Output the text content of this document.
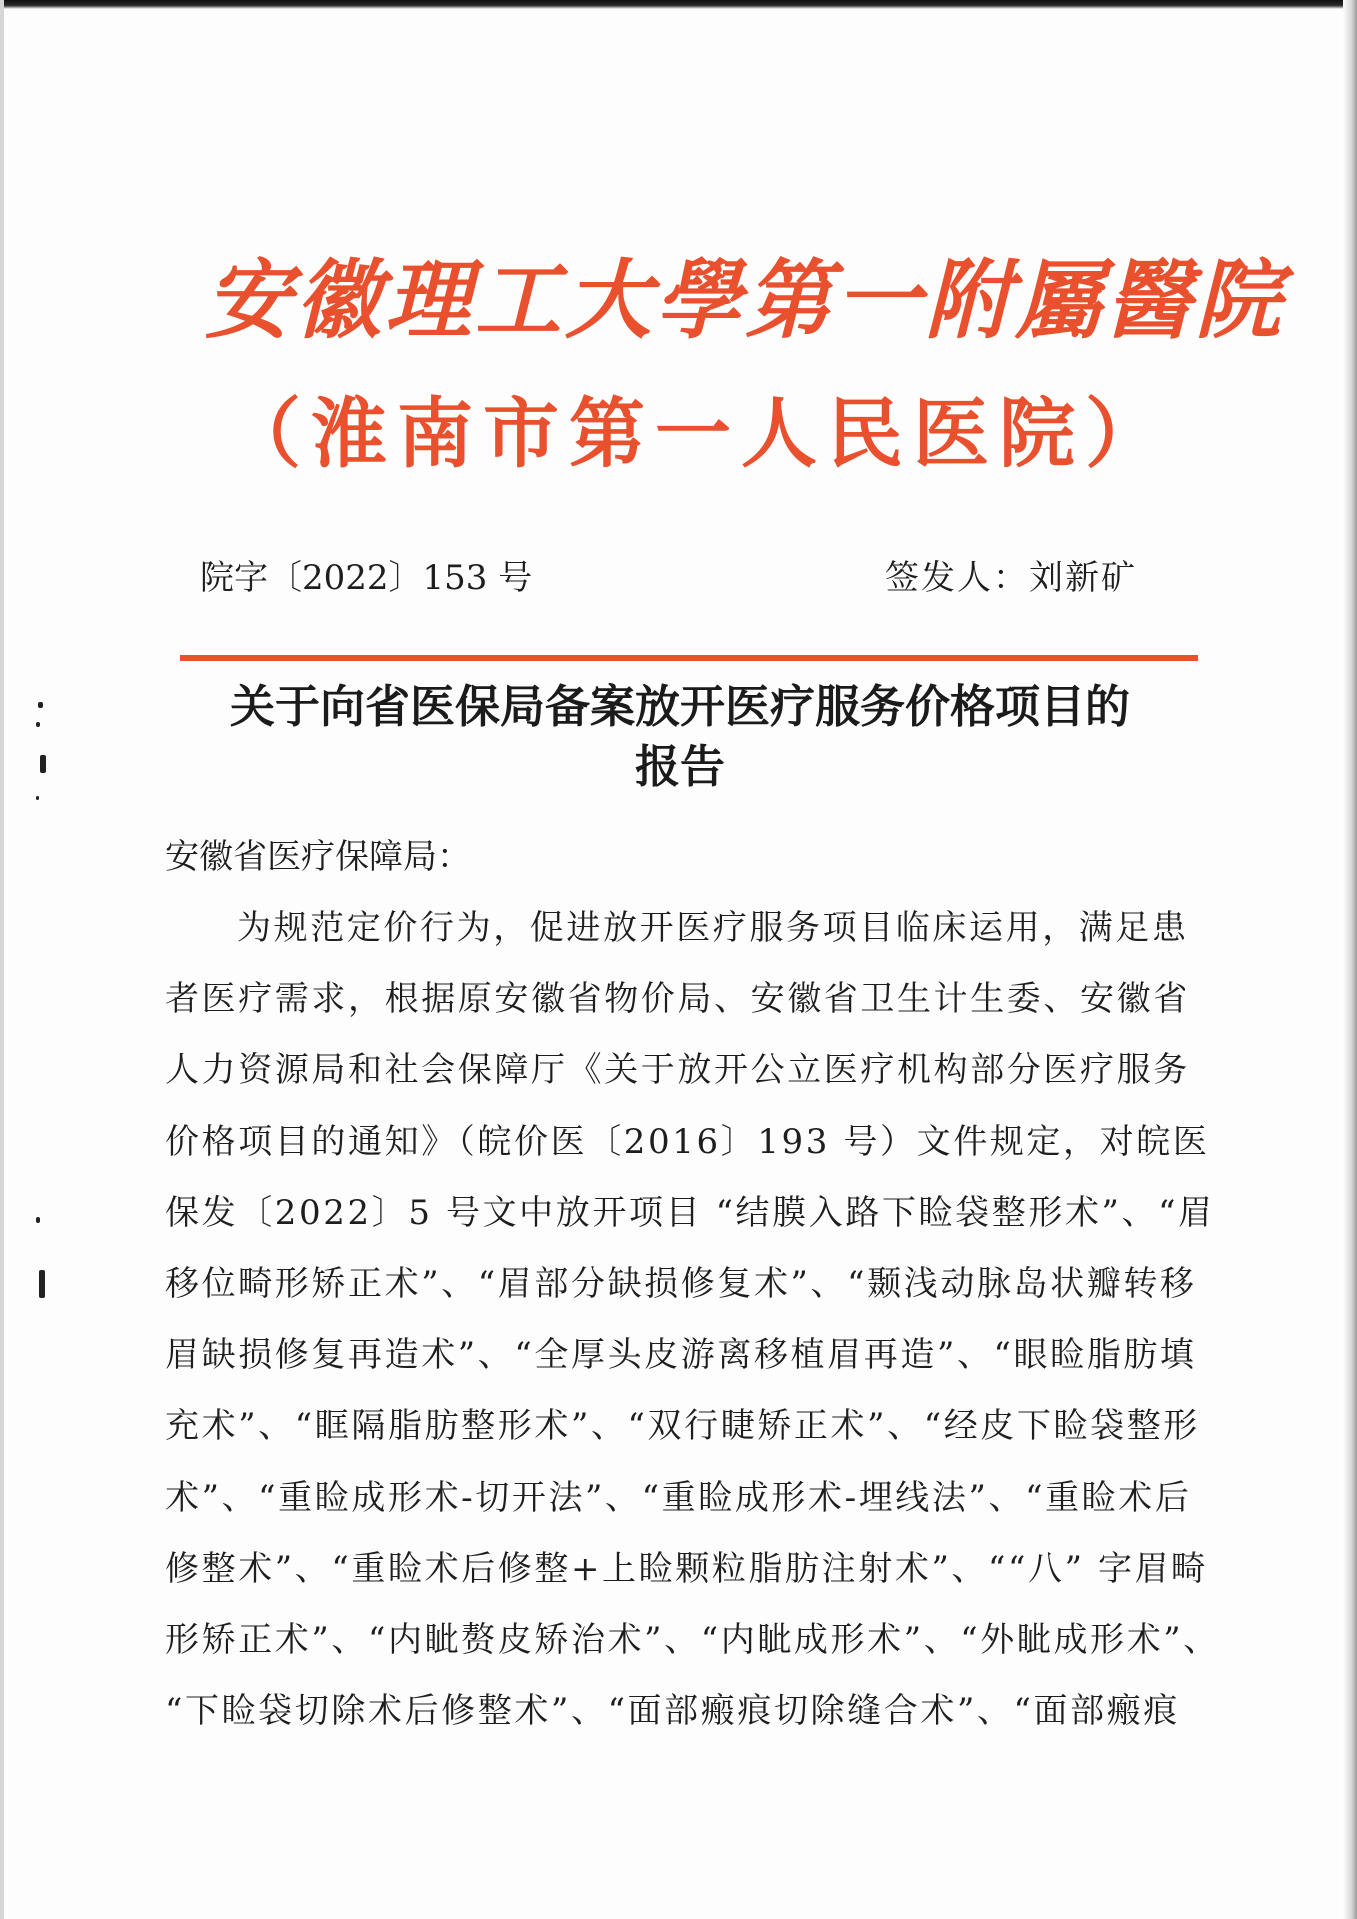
安徽理工大學第一附屬醫院
（淮南市第一人民医院）
院字〔2022〕153 号	签发人：刘新矿
关于向省医保局备案放开医疗服务价格项目的
报告

安徽省医疗保障局：

为规范定价行为，促进放开医疗服务项目临床运用，满足患
者医疗需求，根据原安徽省物价局、安徽省卫生计生委、安徽省
人力资源局和社会保障厅《关于放开公立医疗机构部分医疗服务
价格项目的通知》（皖价医〔2016〕193 号）文件规定，对皖医
保发〔2022〕5 号文中放开项目 “结膜入路下睑袋整形术”、“眉
移位畸形矫正术”、“眉部分缺损修复术”、“颞浅动脉岛状瓣转移
眉缺损修复再造术”、“全厚头皮游离移植眉再造”、“眼睑脂肪填
充术”、“眶隔脂肪整形术”、“双行睫矫正术”、“经皮下睑袋整形
术”、“重睑成形术-切开法”、“重睑成形术-埋线法”、“重睑术后
修整术”、“重睑术后修整+上睑颗粒脂肪注射术”、““八” 字眉畸
形矫正术”、“内眦赘皮矫治术”、“内眦成形术”、“外眦成形术”、
“下睑袋切除术后修整术”、“面部瘢痕切除缝合术”、“面部瘢痕
